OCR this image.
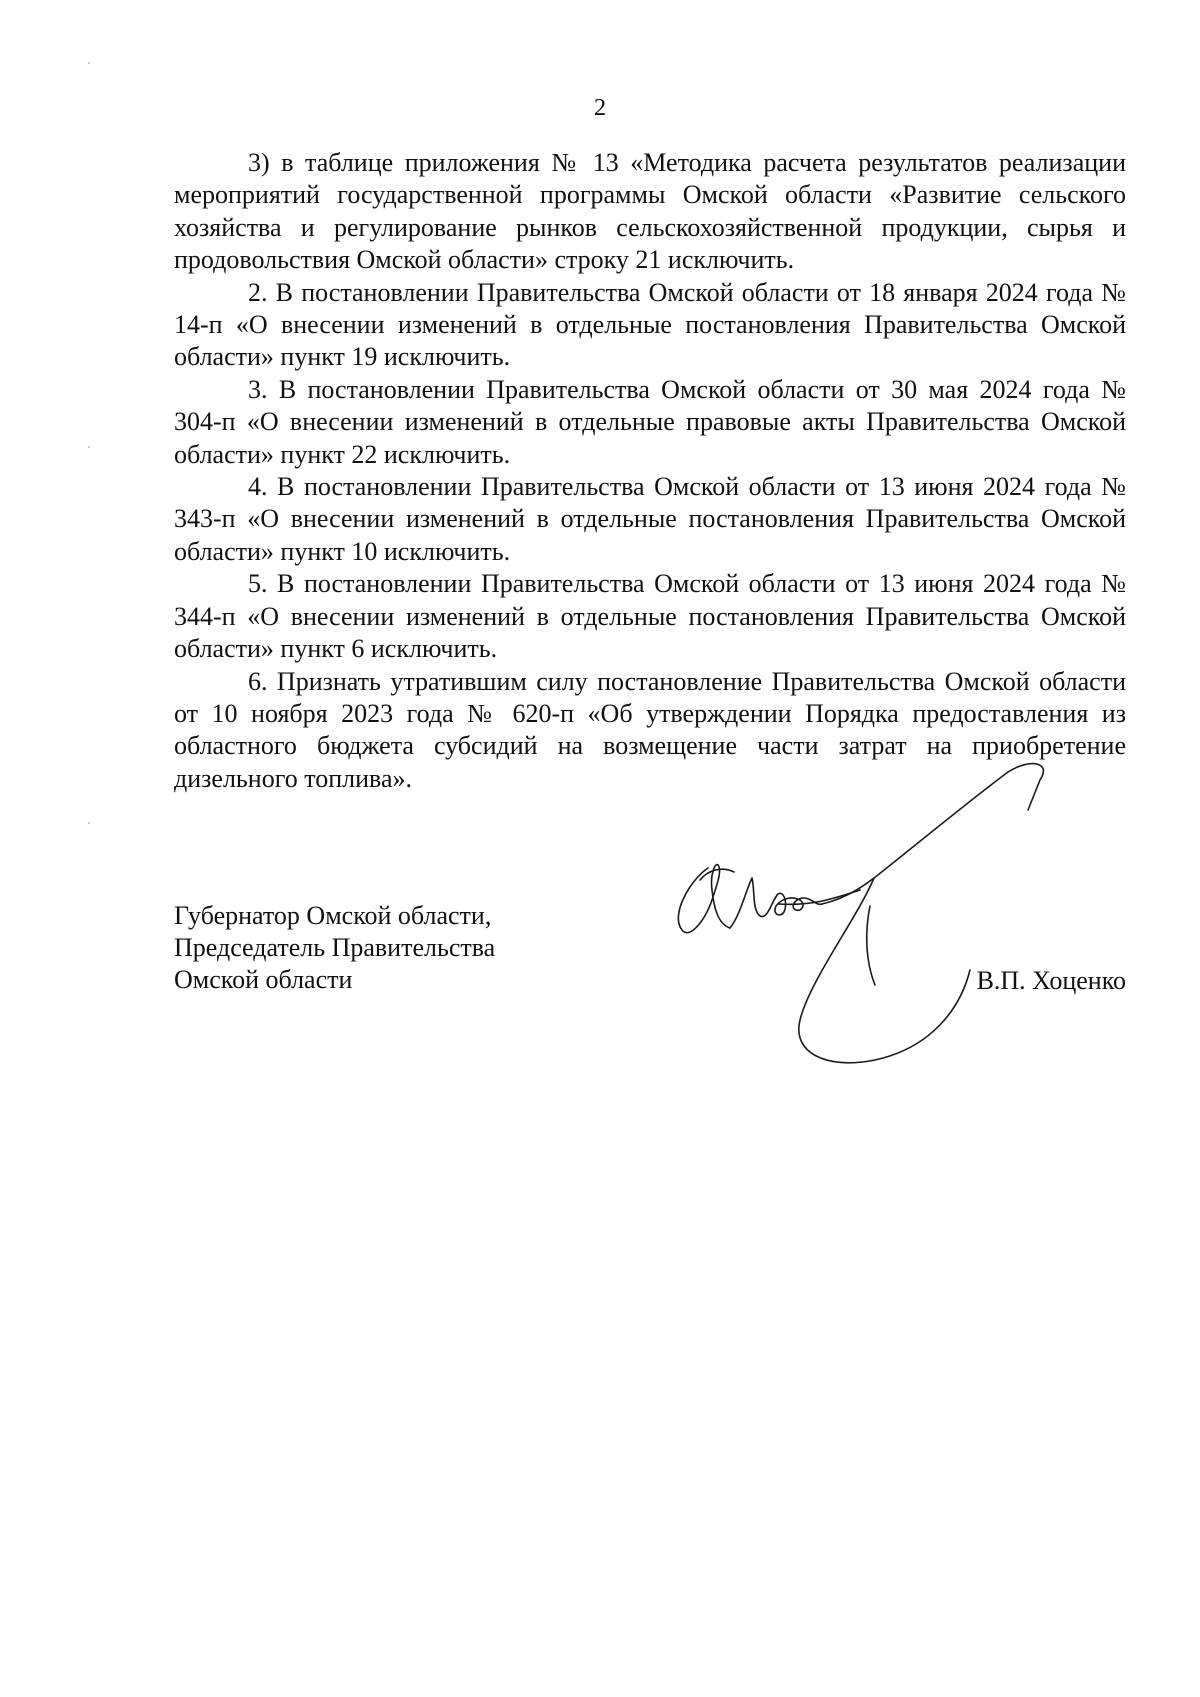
2

3) в таблице приложения № 13 «Методика расчета результатов реализации мероприятий государственной программы Омской области «Развитие сельского хозяйства и регулирование рынков сельскохозяйственной продукции, сырья и продовольствия Омской области» строку 21 исключить.

2. В постановлении Правительства Омской области от 18 января 2024 года № 14-п «О внесении изменений в отдельные постановления Правительства Омской области» пункт 19 исключить.

3. В постановлении Правительства Омской области от 30 мая 2024 года № 304-п «О внесении изменений в отдельные правовые акты Правительства Омской области» пункт 22 исключить.

4. В постановлении Правительства Омской области от 13 июня 2024 года № 343-п «О внесении изменений в отдельные постановления Правительства Омской области» пункт 10 исключить.

5. В постановлении Правительства Омской области от 13 июня 2024 года № 344-п «О внесении изменений в отдельные постановления Правительства Омской области» пункт 6 исключить.

6. Признать утратившим силу постановление Правительства Омской области от 10 ноября 2023 года № 620-п «Об утверждении Порядка предоставления из областного бюджета субсидий на возмещение части затрат на приобретение дизельного топлива».

Губернатор Омской области,
Председатель Правительства
Омской области	В.П. Хоценко
